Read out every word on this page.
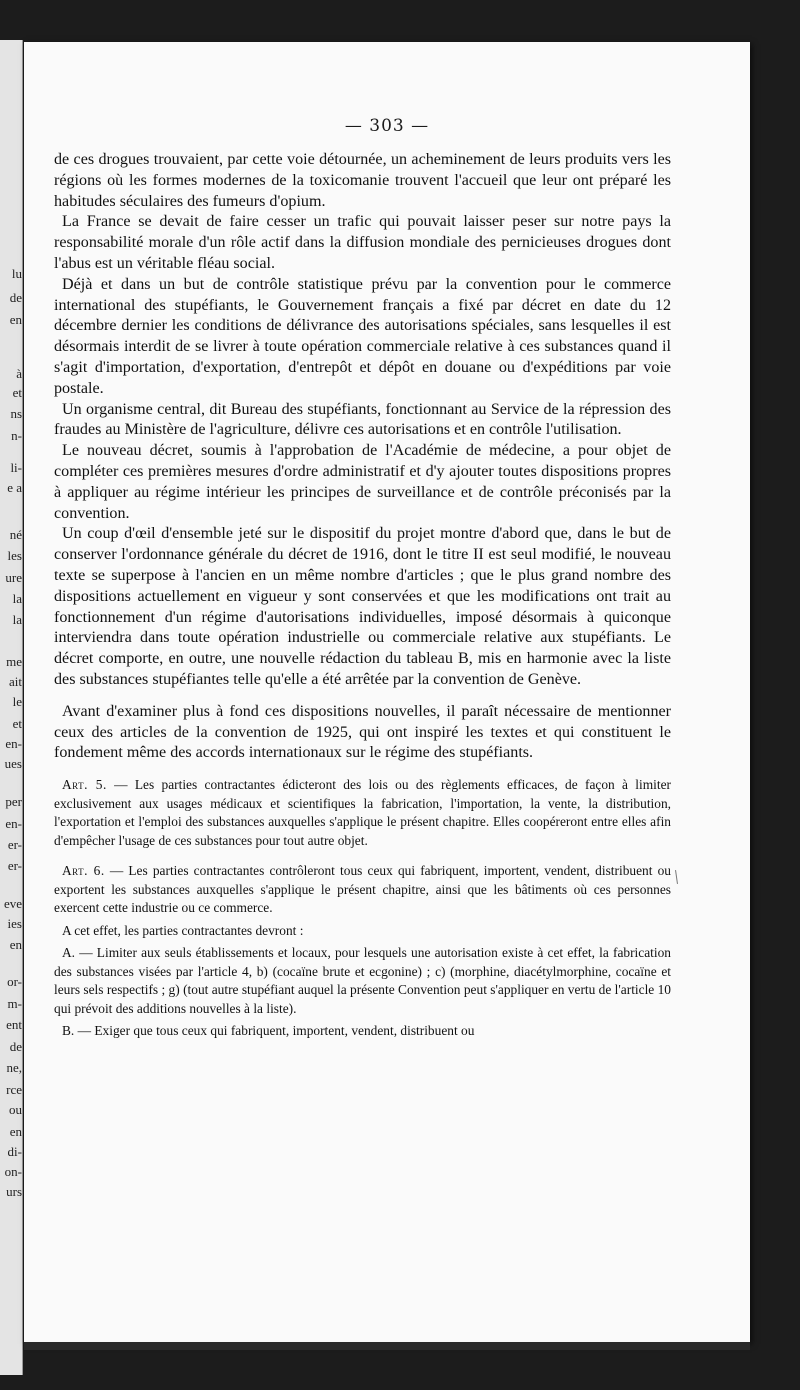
lu
de
en
à
et
ns
n-
li-
e a
né
les
ure
la
la
me
ait
le
et
en-
ues
per
en-
er-
er-
eve
ies
en
or-
m-
ent
de
ne,
rce
ou
en
di-
on-
urs
— 303 —

de ces drogues trouvaient, par cette voie détournée, un acheminement de leurs produits vers les régions où les formes modernes de la toxicomanie trouvent l'accueil que leur ont préparé les habitudes séculaires des fumeurs d'opium.

La France se devait de faire cesser un trafic qui pouvait laisser peser sur notre pays la responsabilité morale d'un rôle actif dans la diffusion mondiale des pernicieuses drogues dont l'abus est un véritable fléau social.

Déjà et dans un but de contrôle statistique prévu par la convention pour le commerce international des stupéfiants, le Gouvernement français a fixé par décret en date du 12 décembre dernier les conditions de délivrance des autorisations spéciales, sans lesquelles il est désormais interdit de se livrer à toute opération commerciale relative à ces substances quand il s'agit d'importation, d'exportation, d'entrepôt et dépôt en douane ou d'expéditions par voie postale.

Un organisme central, dit Bureau des stupéfiants, fonctionnant au Service de la répression des fraudes au Ministère de l'agriculture, délivre ces autorisations et en contrôle l'utilisation.

Le nouveau décret, soumis à l'approbation de l'Académie de médecine, a pour objet de compléter ces premières mesures d'ordre administratif et d'y ajouter toutes dispositions propres à appliquer au régime intérieur les principes de surveillance et de contrôle préconisés par la convention.

Un coup d'œil d'ensemble jeté sur le dispositif du projet montre d'abord que, dans le but de conserver l'ordonnance générale du décret de 1916, dont le titre II est seul modifié, le nouveau texte se superpose à l'ancien en un même nombre d'articles ; que le plus grand nombre des dispositions actuellement en vigueur y sont conservées et que les modifications ont trait au fonctionnement d'un régime d'autorisations individuelles, imposé désormais à quiconque interviendra dans toute opération industrielle ou commerciale relative aux stupéfiants. Le décret comporte, en outre, une nouvelle rédaction du tableau B, mis en harmonie avec la liste des substances stupéfiantes telle qu'elle a été arrêtée par la convention de Genève.

Avant d'examiner plus à fond ces dispositions nouvelles, il paraît nécessaire de mentionner ceux des articles de la convention de 1925, qui ont inspiré les textes et qui constituent le fondement même des accords internationaux sur le régime des stupéfiants.

Art. 5. — Les parties contractantes édicteront des lois ou des règlements efficaces, de façon à limiter exclusivement aux usages médicaux et scientifiques la fabrication, l'importation, la vente, la distribution, l'exportation et l'emploi des substances auxquelles s'applique le présent chapitre. Elles coopéreront entre elles afin d'empêcher l'usage de ces substances pour tout autre objet.

Art. 6. — Les parties contractantes contrôleront tous ceux qui fabriquent, importent, vendent, distribuent ou exportent les substances auxquelles s'applique le présent chapitre, ainsi que les bâtiments où ces personnes exercent cette industrie ou ce commerce.

A cet effet, les parties contractantes devront :

A. — Limiter aux seuls établissements et locaux, pour lesquels une autorisation existe à cet effet, la fabrication des substances visées par l'article 4, b) (cocaïne brute et ecgonine) ; c) (morphine, diacétylmorphine, cocaïne et leurs sels respectifs ; g) (tout autre stupéfiant auquel la présente Convention peut s'appliquer en vertu de l'article 10 qui prévoit des additions nouvelles à la liste).

B. — Exiger que tous ceux qui fabriquent, importent, vendent, distribuent ou
